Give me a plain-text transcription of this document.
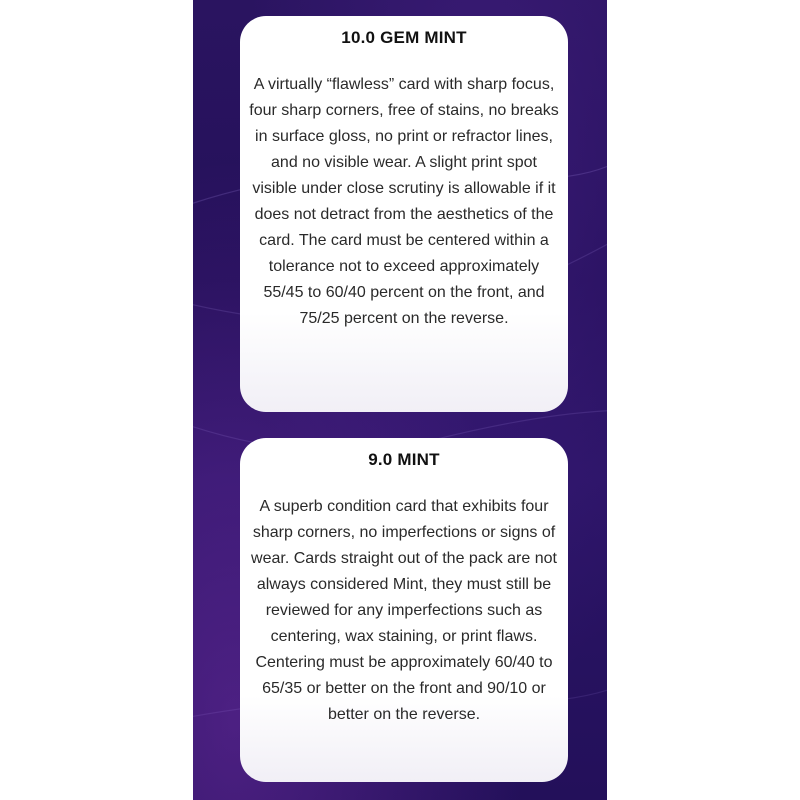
10.0 GEM MINT

A virtually “flawless” card with sharp focus, four sharp corners, free of stains, no breaks in surface gloss, no print or refractor lines, and no visible wear. A slight print spot visible under close scrutiny is allowable if it does not detract from the aesthetics of the card. The card must be centered within a tolerance not to exceed approximately 55/45 to 60/40 percent on the front, and 75/25 percent on the reverse.

9.0 MINT

A superb condition card that exhibits four sharp corners, no imperfections or signs of wear. Cards straight out of the pack are not always considered Mint, they must still be reviewed for any imperfections such as centering, wax staining, or print flaws. Centering must be approximately 60/40 to 65/35 or better on the front and 90/10 or better on the reverse.
